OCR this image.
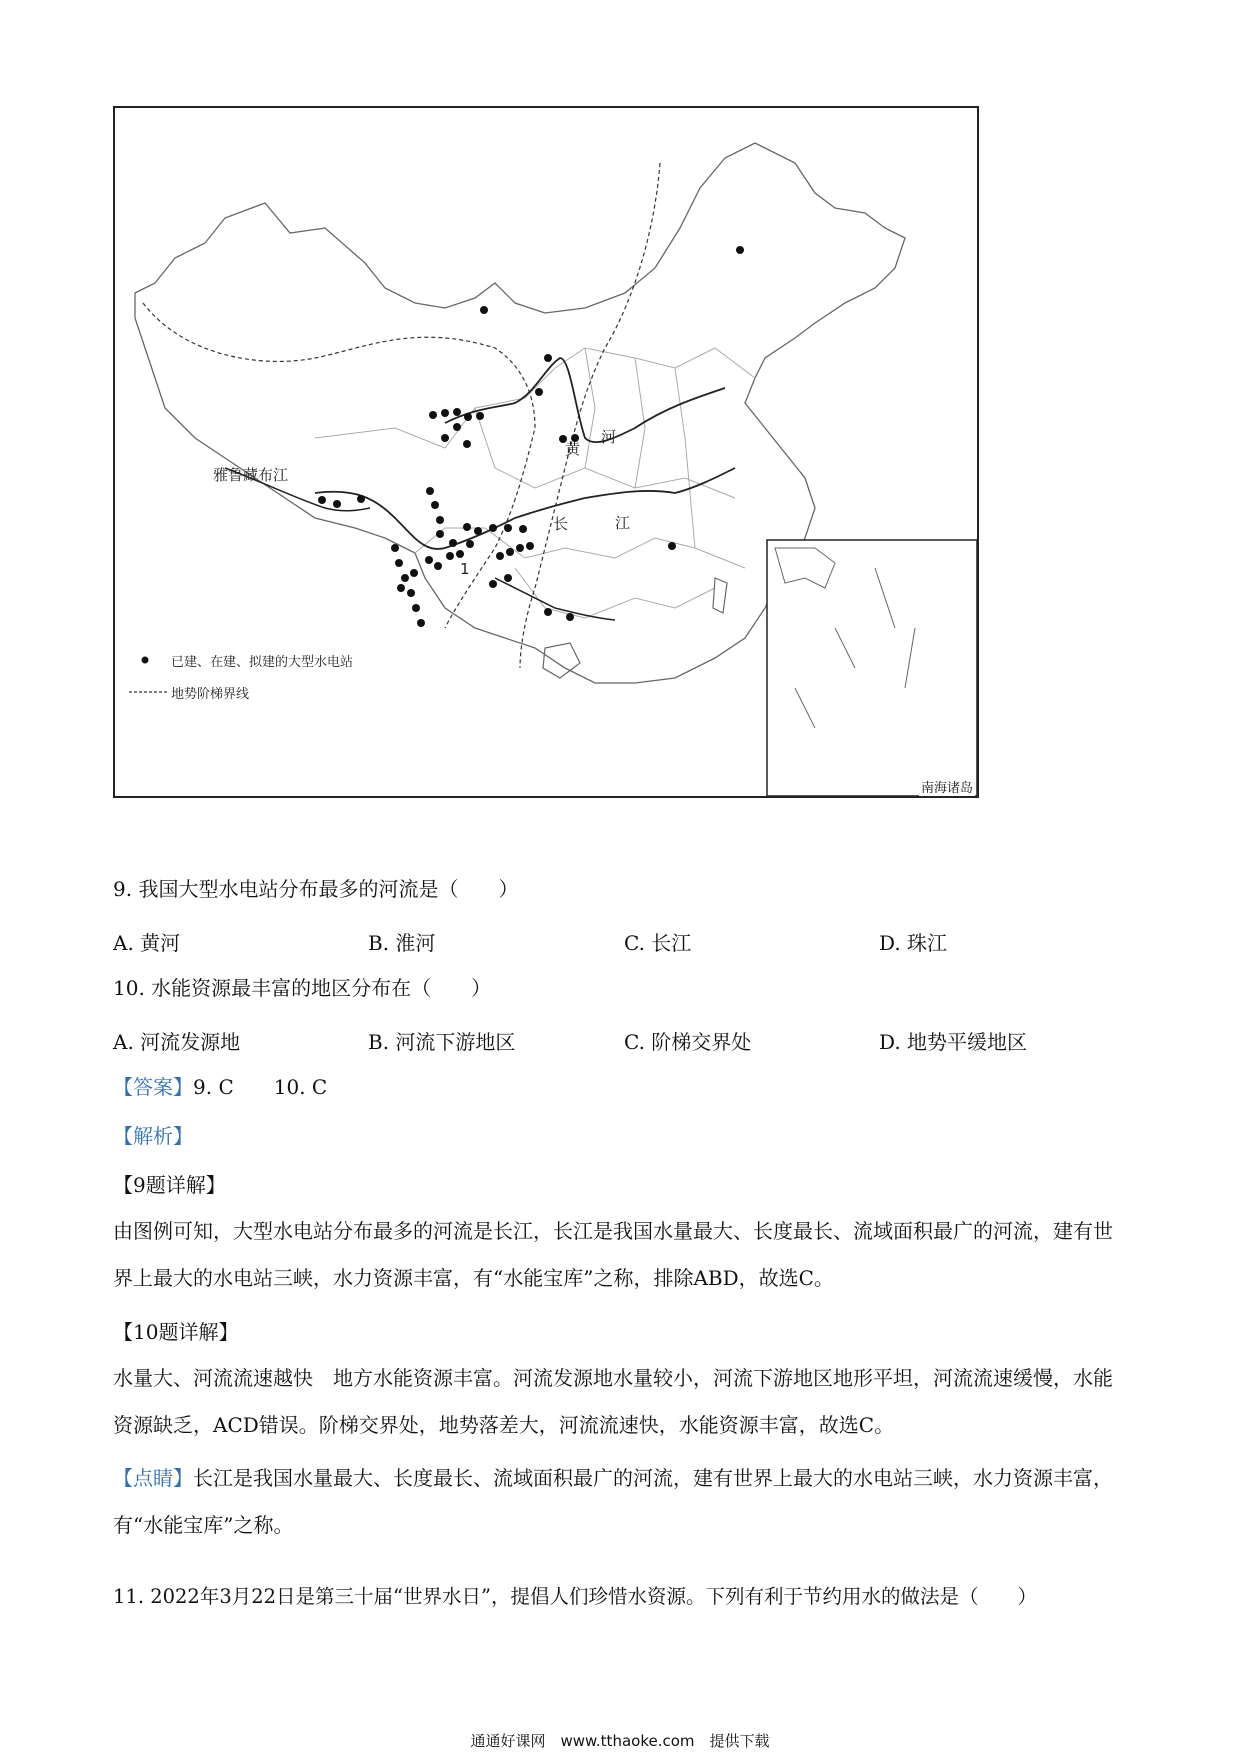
雅鲁藏布江
黄
河
长	江
1
已建、在建、拟建的大型水电站
地势阶梯界线
南海诸岛
9. 我国大型水电站分布最多的河流是（　　）
A. 黄河	B. 淮河	C. 长江	D. 珠江
10. 水能资源最丰富的地区分布在（　　）
A. 河流发源地	B. 河流下游地区	C. 阶梯交界处	D. 地势平缓地区
【答案】9. C　　10. C
【解析】
【9题详解】
由图例可知，大型水电站分布最多的河流是长江，长江是我国水量最大、长度最长、流域面积最广的河流，建有世界上最大的水电站三峡，水力资源丰富，有“水能宝库”之称，排除ABD，故选C。
【10题详解】
水量大、河流流速越快　地方水能资源丰富。河流发源地水量较小，河流下游地区地形平坦，河流流速缓慢，水能资源缺乏，ACD错误。阶梯交界处，地势落差大，河流流速快，水能资源丰富，故选C。
【点睛】长江是我国水量最大、长度最长、流域面积最广的河流，建有世界上最大的水电站三峡，水力资源丰富，有“水能宝库”之称。
11. 2022年3月22日是第三十届“世界水日”，提倡人们珍惜水资源。下列有利于节约用水的做法是（　　）
通通好课网　www.tthaoke.com　提供下载
